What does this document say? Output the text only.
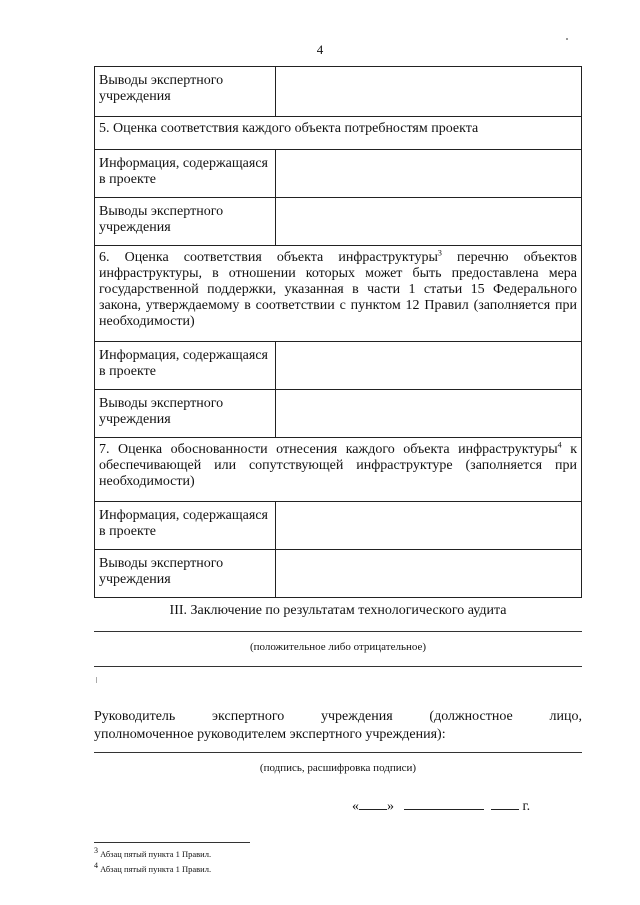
4
Выводы экспертного учреждения
5. Оценка соответствия каждого объекта потребностям проекта
Информация, содержащаяся в проекте
Выводы экспертного учреждения
6. Оценка соответствия объекта инфраструктуры$^3$ перечню объектов инфраструктуры, в отношении которых может быть предоставлена мера государственной поддержки, указанная в части 1 статьи 15 Федерального закона, утверждаемому в соответствии с пунктом 12 Правил (заполняется при необходимости)
Информация, содержащаяся в проекте
Выводы экспертного учреждения
7. Оценка обоснованности отнесения каждого объекта инфраструктуры$^4$ к обеспечивающей или сопутствующей инфраструктуре (заполняется при необходимости)
Информация, содержащаяся в проекте
Выводы экспертного учреждения
III. Заключение по результатам технологического аудита
(положительное либо отрицательное)
Руководитель	экспертного	учреждения	(должностное	лицо,
уполномоченное руководителем экспертного учреждения):
(подпись, расшифровка подписи)
« »	г.
$^3$ Абзац пятый пункта 1 Правил.
$^4$ Абзац пятый пункта 1 Правил.
